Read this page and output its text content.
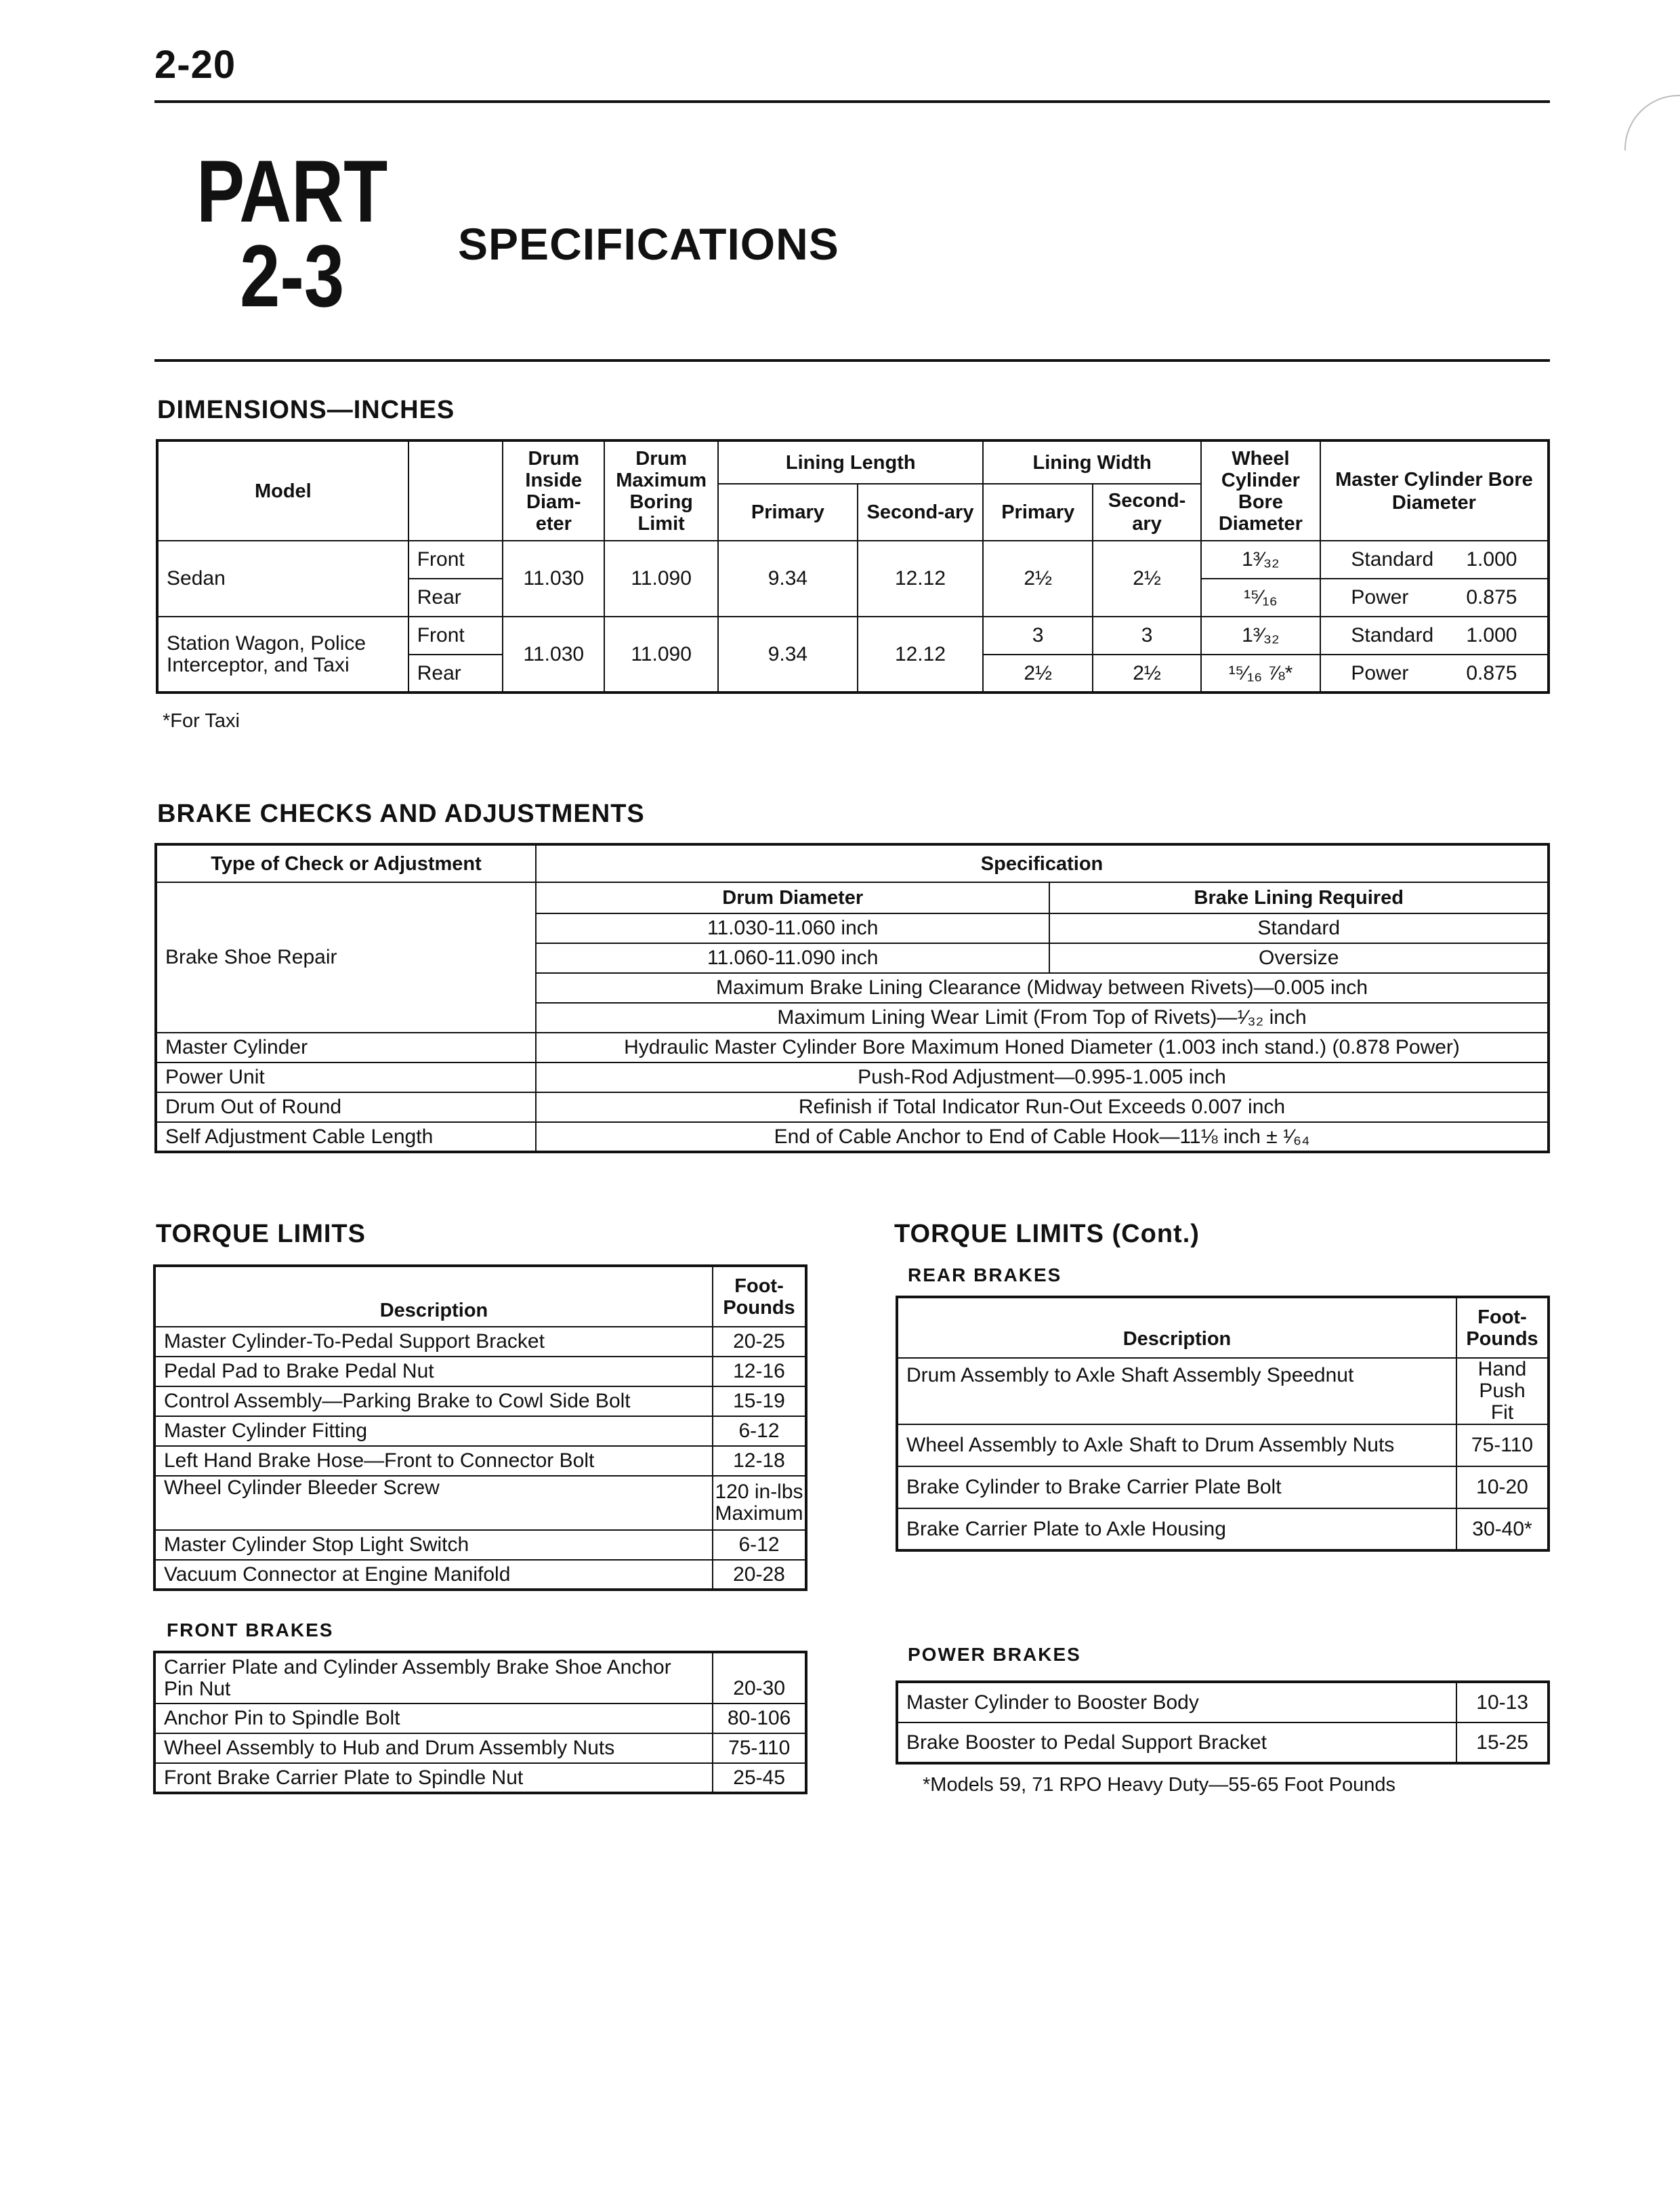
2-20
PART
2-3	SPECIFICATIONS
DIMENSIONS—INCHES
Model		Drum Inside Diam-eter	Drum Maximum Boring Limit	Lining Length		Lining Width		Wheel Cylinder Bore Diameter	Master Cylinder Bore Diameter
				Primary	Second-ary	Primary	Second-ary		
Sedan	Front	11.030	11.090	9.34	12.12	2½	2½	1³⁄₃₂	Standard 1.000
	Rear							¹⁵⁄₁₆	Power 0.875
Station Wagon, Police Interceptor, and Taxi	Front	11.030	11.090	9.34	12.12	3	3	1³⁄₃₂	Standard 1.000
	Rear					2½	2½	¹⁵⁄₁₆ ⅞*	Power 0.875
*For Taxi
BRAKE CHECKS AND ADJUSTMENTS
Type of Check or Adjustment	Specification	
Brake Shoe Repair	Drum Diameter	Brake Lining Required
	11.030-11.060 inch	Standard
	11.060-11.090 inch	Oversize
	Maximum Brake Lining Clearance (Midway between Rivets)—0.005 inch	
	Maximum Lining Wear Limit (From Top of Rivets)—¹⁄₃₂ inch	
Master Cylinder	Hydraulic Master Cylinder Bore Maximum Honed Diameter (1.003 inch stand.) (0.878 Power)	
Power Unit	Push-Rod Adjustment—0.995-1.005 inch	
Drum Out of Round	Refinish if Total Indicator Run-Out Exceeds 0.007 inch	
Self Adjustment Cable Length	End of Cable Anchor to End of Cable Hook—11⅛ inch ± ¹⁄₆₄	
TORQUE LIMITS
Description	Foot-Pounds
Master Cylinder-To-Pedal Support Bracket	20-25
Pedal Pad to Brake Pedal Nut	12-16
Control Assembly—Parking Brake to Cowl Side Bolt	15-19
Master Cylinder Fitting	6-12
Left Hand Brake Hose—Front to Connector Bolt	12-18
Wheel Cylinder Bleeder Screw	120 in-lbs Maximum
Master Cylinder Stop Light Switch	6-12
Vacuum Connector at Engine Manifold	20-28
FRONT BRAKES
Carrier Plate and Cylinder Assembly Brake Shoe Anchor Pin Nut	20-30
Anchor Pin to Spindle Bolt	80-106
Wheel Assembly to Hub and Drum Assembly Nuts	75-110
Front Brake Carrier Plate to Spindle Nut	25-45
TORQUE LIMITS (Cont.)
REAR BRAKES
Description	Foot-Pounds
Drum Assembly to Axle Shaft Assembly Speednut	Hand Push Fit
Wheel Assembly to Axle Shaft to Drum Assembly Nuts	75-110
Brake Cylinder to Brake Carrier Plate Bolt	10-20
Brake Carrier Plate to Axle Housing	30-40*
POWER BRAKES
Master Cylinder to Booster Body	10-13
Brake Booster to Pedal Support Bracket	15-25
*Models 59, 71 RPO Heavy Duty—55-65 Foot Pounds
